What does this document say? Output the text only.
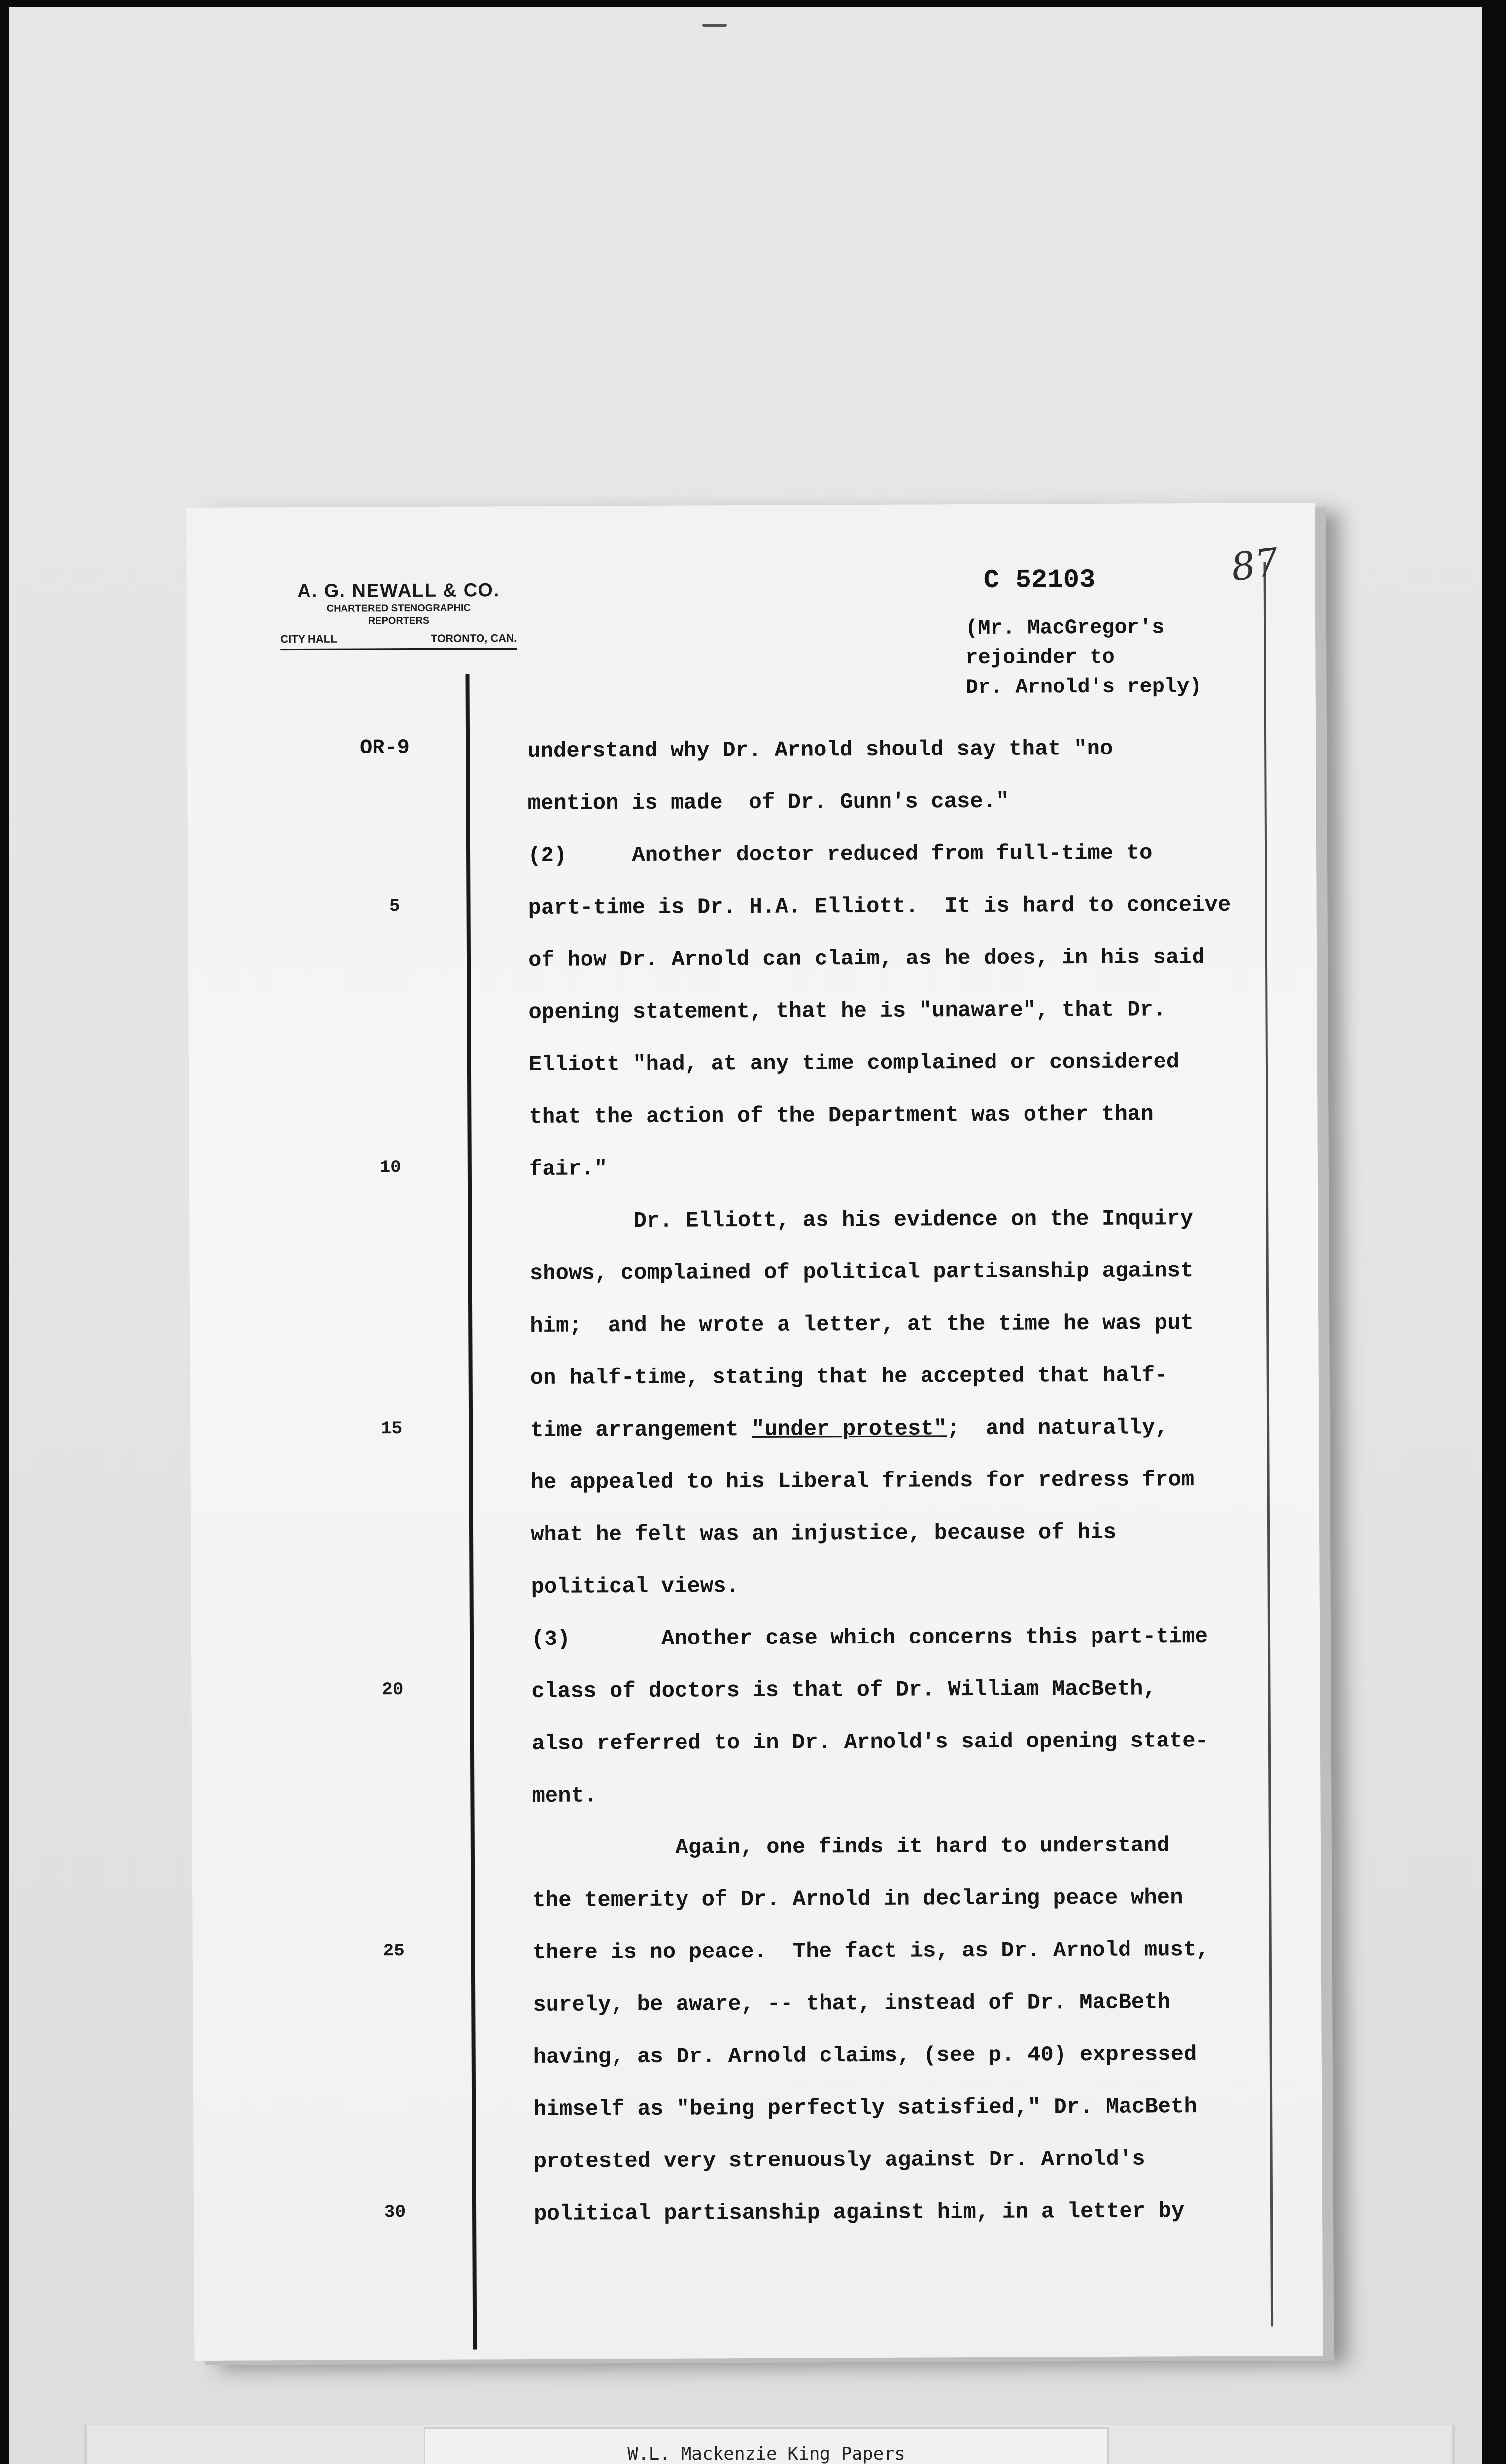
A. G. NEWALL & CO.
CHARTERED STENOGRAPHIC
REPORTERS
CITY HALL	TORONTO, CAN.
C 52103	87
(Mr. MacGregor's
rejoinder to
Dr. Arnold's reply)
OR-9
5
10
15
20
25
30
understand why Dr. Arnold should say that "no
mention is made  of Dr. Gunn's case."
(2)     Another doctor reduced from full-time to
part-time is Dr. H.A. Elliott.  It is hard to conceive
of how Dr. Arnold can claim, as he does, in his said
opening statement, that he is "unaware", that Dr.
Elliott "had, at any time complained or considered
that the action of the Department was other than
fair."
Dr. Elliott, as his evidence on the Inquiry
shows, complained of political partisanship against
him;  and he wrote a letter, at the time he was put
on half-time, stating that he accepted that half-
time arrangement "under protest";  and naturally,
he appealed to his Liberal friends for redress from
what he felt was an injustice, because of his
political views.
(3)       Another case which concerns this part-time
class of doctors is that of Dr. William MacBeth,
also referred to in Dr. Arnold's said opening state-
ment.
Again, one finds it hard to understand
the temerity of Dr. Arnold in declaring peace when
there is no peace.  The fact is, as Dr. Arnold must,
surely, be aware, -- that, instead of Dr. MacBeth
having, as Dr. Arnold claims, (see p. 40) expressed
himself as "being perfectly satisfied," Dr. MacBeth
protested very strenuously against Dr. Arnold's
political partisanship against him, in a letter by
W.L. Mackenzie King Papers
